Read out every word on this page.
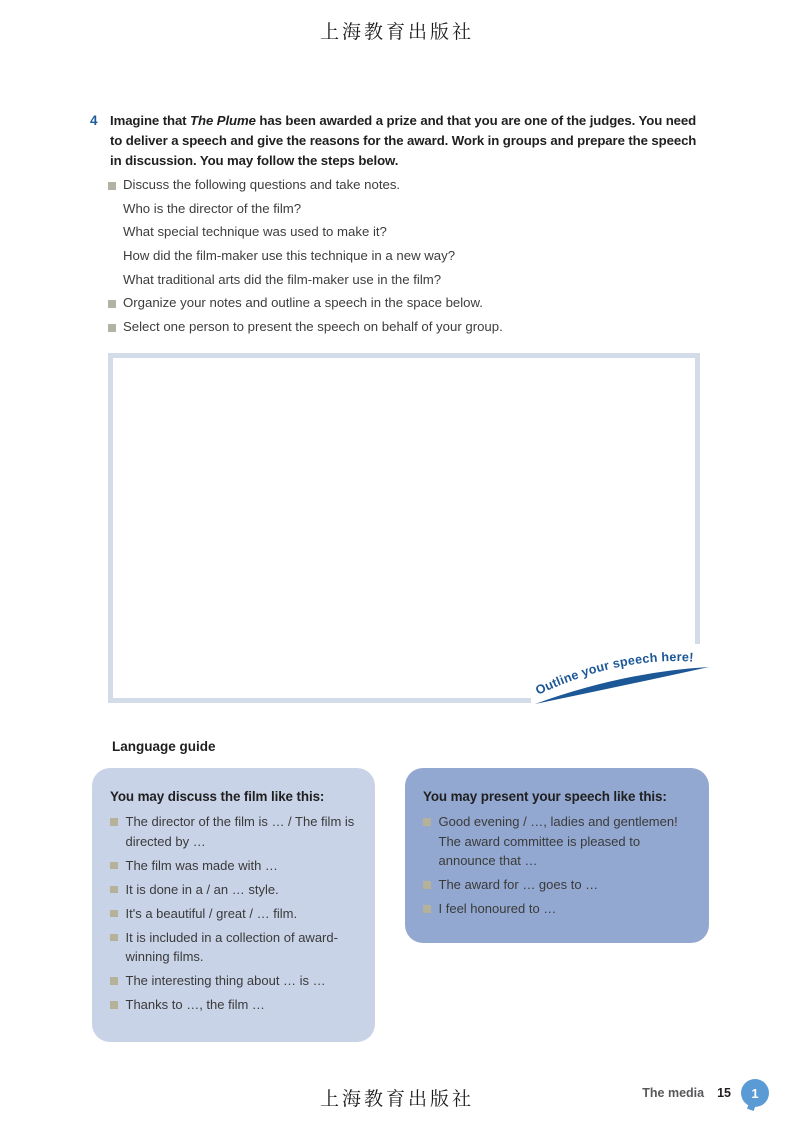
上海教育出版社
4 Imagine that The Plume has been awarded a prize and that you are one of the judges. You need to deliver a speech and give the reasons for the award. Work in groups and prepare the speech in discussion. You may follow the steps below.
Discuss the following questions and take notes.
Who is the director of the film?
What special technique was used to make it?
How did the film-maker use this technique in a new way?
What traditional arts did the film-maker use in the film?
Organize your notes and outline a speech in the space below.
Select one person to present the speech on behalf of your group.
Outline your speech here!
Language guide
You may discuss the film like this:
The director of the film is … / The film is directed by …
The film was made with …
It is done in a / an … style.
It's a beautiful / great / … film.
It is included in a collection of award-winning films.
The interesting thing about … is …
Thanks to …, the film …
You may present your speech like this:
Good evening / …, ladies and gentlemen! The award committee is pleased to announce that …
The award for … goes to …
I feel honoured to …
上海教育出版社	The media 15 1
